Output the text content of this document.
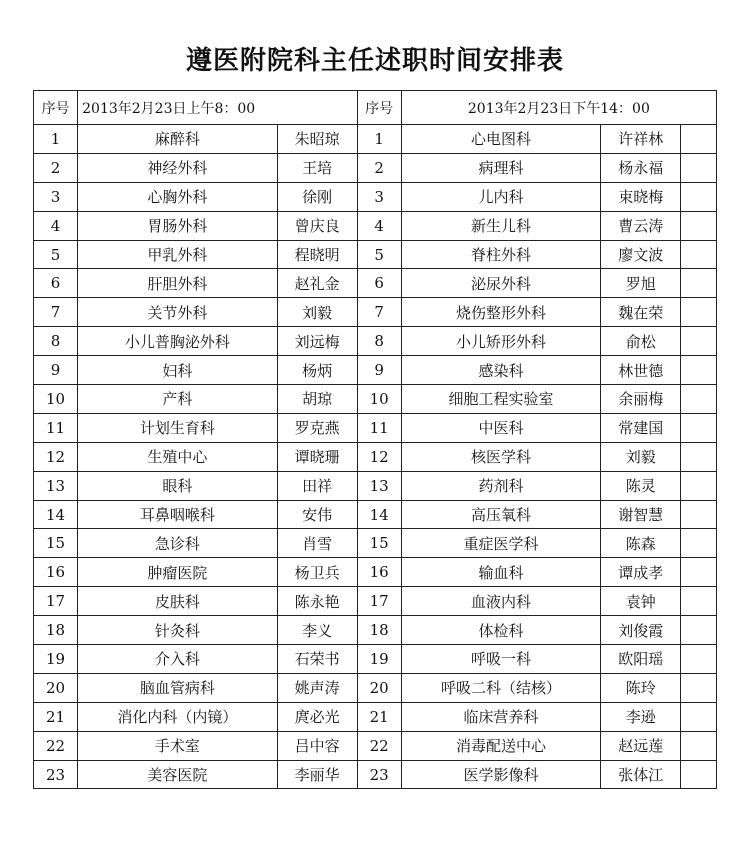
遵医附院科主任述职时间安排表
序号	2013年2月23日上午8：00		序号	2013年2月23日下午14：00		
1	麻醉科	朱昭琼	1	心电图科	许祥林	
2	神经外科	王培	2	病理科	杨永福	
3	心胸外科	徐刚	3	儿内科	束晓梅	
4	胃肠外科	曾庆良	4	新生儿科	曹云涛	
5	甲乳外科	程晓明	5	脊柱外科	廖文波	
6	肝胆外科	赵礼金	6	泌尿外科	罗旭	
7	关节外科	刘毅	7	烧伤整形外科	魏在荣	
8	小儿普胸泌外科	刘远梅	8	小儿矫形外科	俞松	
9	妇科	杨炳	9	感染科	林世德	
10	产科	胡琼	10	细胞工程实验室	余丽梅	
11	计划生育科	罗克燕	11	中医科	常建国	
12	生殖中心	谭晓珊	12	核医学科	刘毅	
13	眼科	田祥	13	药剂科	陈灵	
14	耳鼻咽喉科	安伟	14	高压氧科	谢智慧	
15	急诊科	肖雪	15	重症医学科	陈森	
16	肿瘤医院	杨卫兵	16	输血科	谭成孝	
17	皮肤科	陈永艳	17	血液内科	袁钟	
18	针灸科	李义	18	体检科	刘俊霞	
19	介入科	石荣书	19	呼吸一科	欧阳瑶	
20	脑血管病科	姚声涛	20	呼吸二科（结核）	陈玲	
21	消化内科（内镜）	庹必光	21	临床营养科	李逊	
22	手术室	吕中容	22	消毒配送中心	赵远莲	
23	美容医院	李丽华	23	医学影像科	张体江	
